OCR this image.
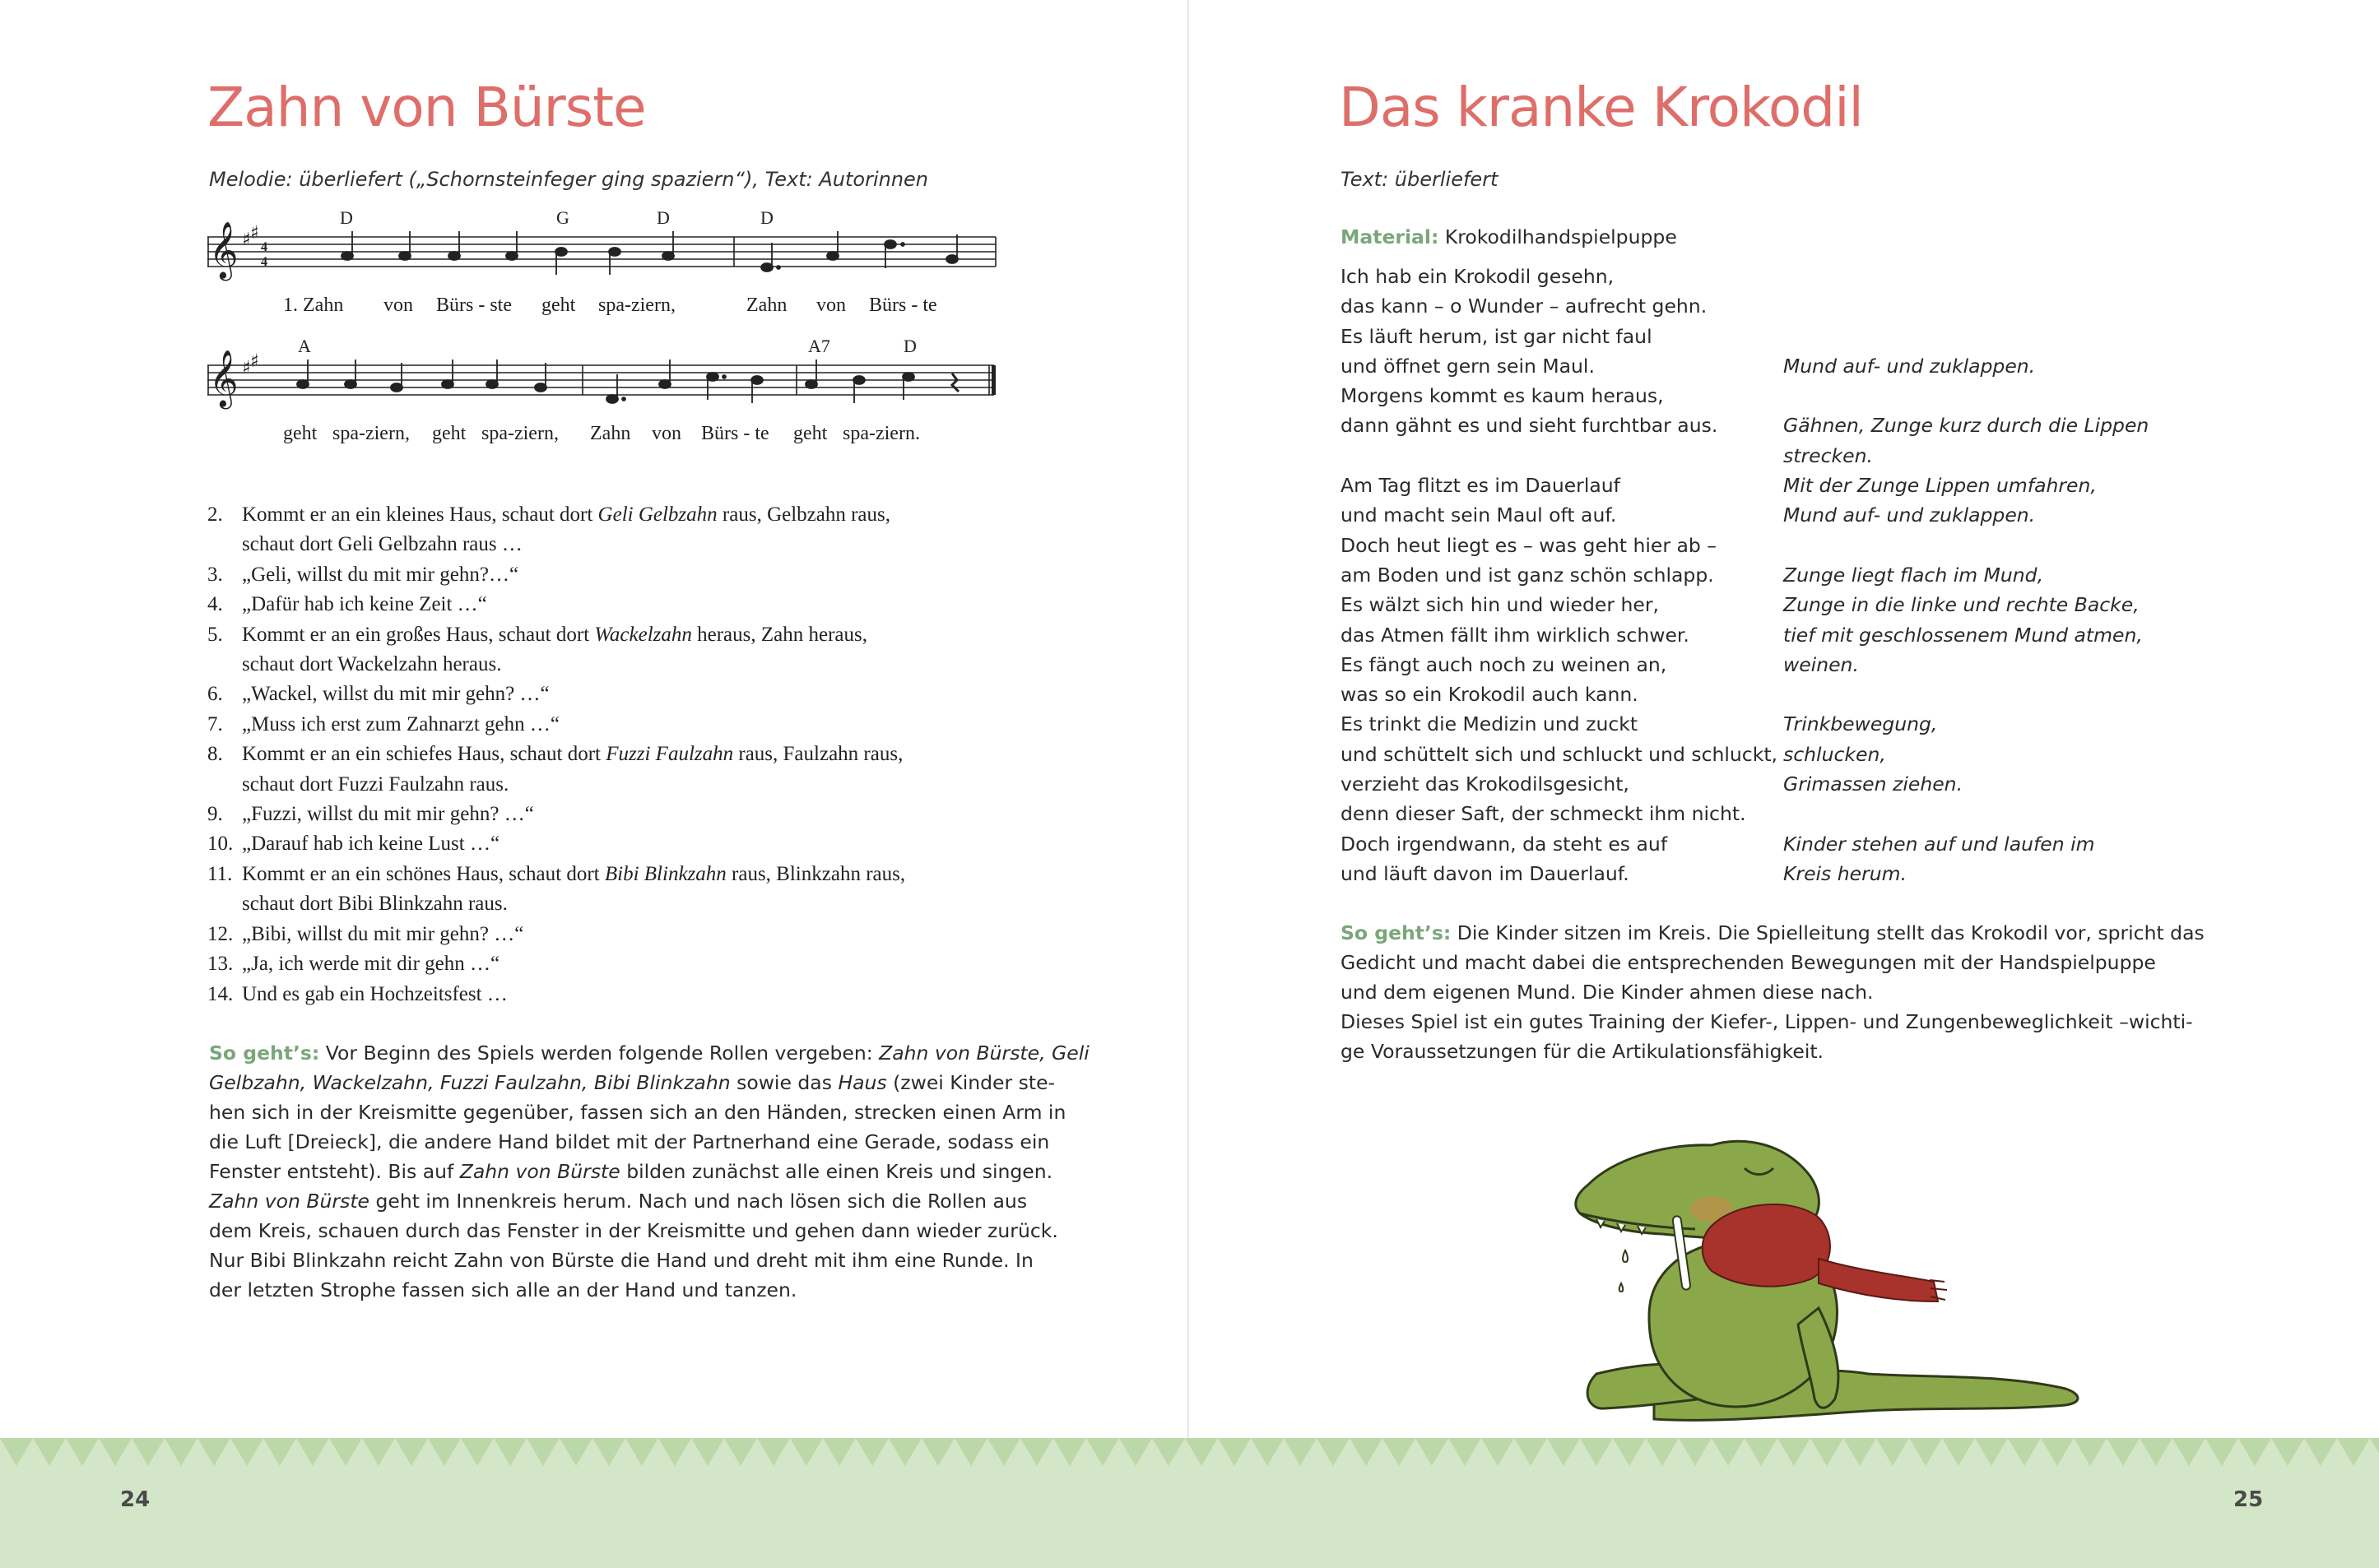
Zahn von Bürste
Melodie: überliefert („Schornsteinfeger ging spaziern“), Text: Autorinnen
𝄞 ♯ ♯
4
4
D	G	D	D
1. Zahn von Bürs - ste geht spa-ziern,	Zahn von Bürs - te
𝄞 ♯ ♯
A	A7	D
geht spa-ziern, geht spa-ziern, Zahn von Bürs - te geht spa-ziern.
2. Kommt er an ein kleines Haus, schaut dort Geli Gelbzahn raus, Gelbzahn raus,
schaut dort Geli Gelbzahn raus …
3. „Geli, willst du mit mir gehn?…“
4. „Dafür hab ich keine Zeit …“
5. Kommt er an ein großes Haus, schaut dort Wackelzahn heraus, Zahn heraus,
schaut dort Wackelzahn heraus.
6. „Wackel, willst du mit mir gehn? …“
7. „Muss ich erst zum Zahnarzt gehn …“
8. Kommt er an ein schiefes Haus, schaut dort Fuzzi Faulzahn raus, Faulzahn raus,
schaut dort Fuzzi Faulzahn raus.
9. „Fuzzi, willst du mit mir gehn? …“
10. „Darauf hab ich keine Lust …“
11. Kommt er an ein schönes Haus, schaut dort Bibi Blinkzahn raus, Blinkzahn raus,
schaut dort Bibi Blinkzahn raus.
12. „Bibi, willst du mit mir gehn? …“
13. „Ja, ich werde mit dir gehn …“
14. Und es gab ein Hochzeitsfest …
So geht’s: Vor Beginn des Spiels werden folgende Rollen vergeben: Zahn von Bürste, Geli
Gelbzahn, Wackelzahn, Fuzzi Faulzahn, Bibi Blinkzahn sowie das Haus (zwei Kinder ste-
hen sich in der Kreismitte gegenüber, fassen sich an den Händen, strecken einen Arm in
die Luft [Dreieck], die andere Hand bildet mit der Partnerhand eine Gerade, sodass ein
Fenster entsteht). Bis auf Zahn von Bürste bilden zunächst alle einen Kreis und singen.
Zahn von Bürste geht im Innenkreis herum. Nach und nach lösen sich die Rollen aus
dem Kreis, schauen durch das Fenster in der Kreismitte und gehen dann wieder zurück.
Nur Bibi Blinkzahn reicht Zahn von Bürste die Hand und dreht mit ihm eine Runde. In
der letzten Strophe fassen sich alle an der Hand und tanzen.
Das kranke Krokodil
Text: überliefert
Material: Krokodilhandspielpuppe
Ich hab ein Krokodil gesehn,
das kann – o Wunder – aufrecht gehn.
Es läuft herum, ist gar nicht faul
und öffnet gern sein Maul.	Mund auf- und zuklappen.
Morgens kommt es kaum heraus,
dann gähnt es und sieht furchtbar aus.	Gähnen, Zunge kurz durch die Lippen
strecken.
Am Tag flitzt es im Dauerlauf	Mit der Zunge Lippen umfahren,
und macht sein Maul oft auf.	Mund auf- und zuklappen.
Doch heut liegt es – was geht hier ab –
am Boden und ist ganz schön schlapp.	Zunge liegt flach im Mund,
Es wälzt sich hin und wieder her,	Zunge in die linke und rechte Backe,
das Atmen fällt ihm wirklich schwer.	tief mit geschlossenem Mund atmen,
Es fängt auch noch zu weinen an,	weinen.
was so ein Krokodil auch kann.
Es trinkt die Medizin und zuckt	Trinkbewegung,
und schüttelt sich und schluckt und schluckt, schlucken,
verzieht das Krokodilsgesicht,	Grimassen ziehen.
denn dieser Saft, der schmeckt ihm nicht.
Doch irgendwann, da steht es auf	Kinder stehen auf und laufen im
und läuft davon im Dauerlauf.	Kreis herum.
So geht’s: Die Kinder sitzen im Kreis. Die Spielleitung stellt das Krokodil vor, spricht das
Gedicht und macht dabei die entsprechenden Bewegungen mit der Handspielpuppe
und dem eigenen Mund. Die Kinder ahmen diese nach.
Dieses Spiel ist ein gutes Training der Kiefer-, Lippen- und Zungenbeweglichkeit –wichti-
ge Voraussetzungen für die Artikulationsfähigkeit.
24	25
